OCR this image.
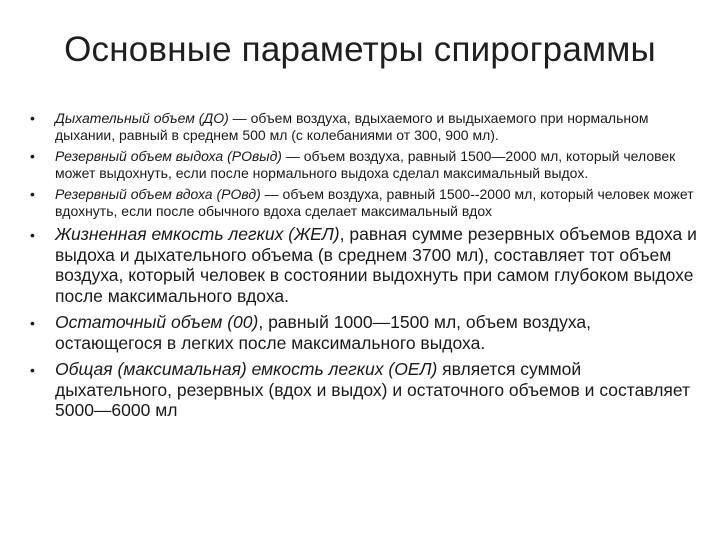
Основные параметры спирограммы
• Дыхательный объем (ДО) — объем воздуха, вдыхаемого и выдыхаемого при нормальном дыхании, равный в среднем 500 мл (с колебаниями от 300, 900 мл).
• Резервный объем выдоха (РОвыд) — объем воздуха, равный 1500—2000 мл, который человек может выдохнуть, если после нормального выдоха сделал максимальный выдох.
• Резервный объем вдоха (РОвд) — объем воздуха, равный 1500--2000 мл, который человек может вдохнуть, если после обычного вдоха сделает максимальный вдох
• Жизненная емкость легких (ЖЕЛ), равная сумме резервных объемов вдоха и выдоха и дыхательного объема (в среднем 3700 мл), составляет тот объем воздуха, который человек в состоянии выдохнуть при самом глубоком выдохе после максимального вдоха.
• Остаточный объем (00), равный 1000—1500 мл, объем воздуха, остающегося в легких после максимального выдоха.
• Общая (максимальная) емкость легких (ОЕЛ) является суммой дыхательного, резервных (вдох и выдох) и остаточного объемов и составляет 5000—6000 мл
